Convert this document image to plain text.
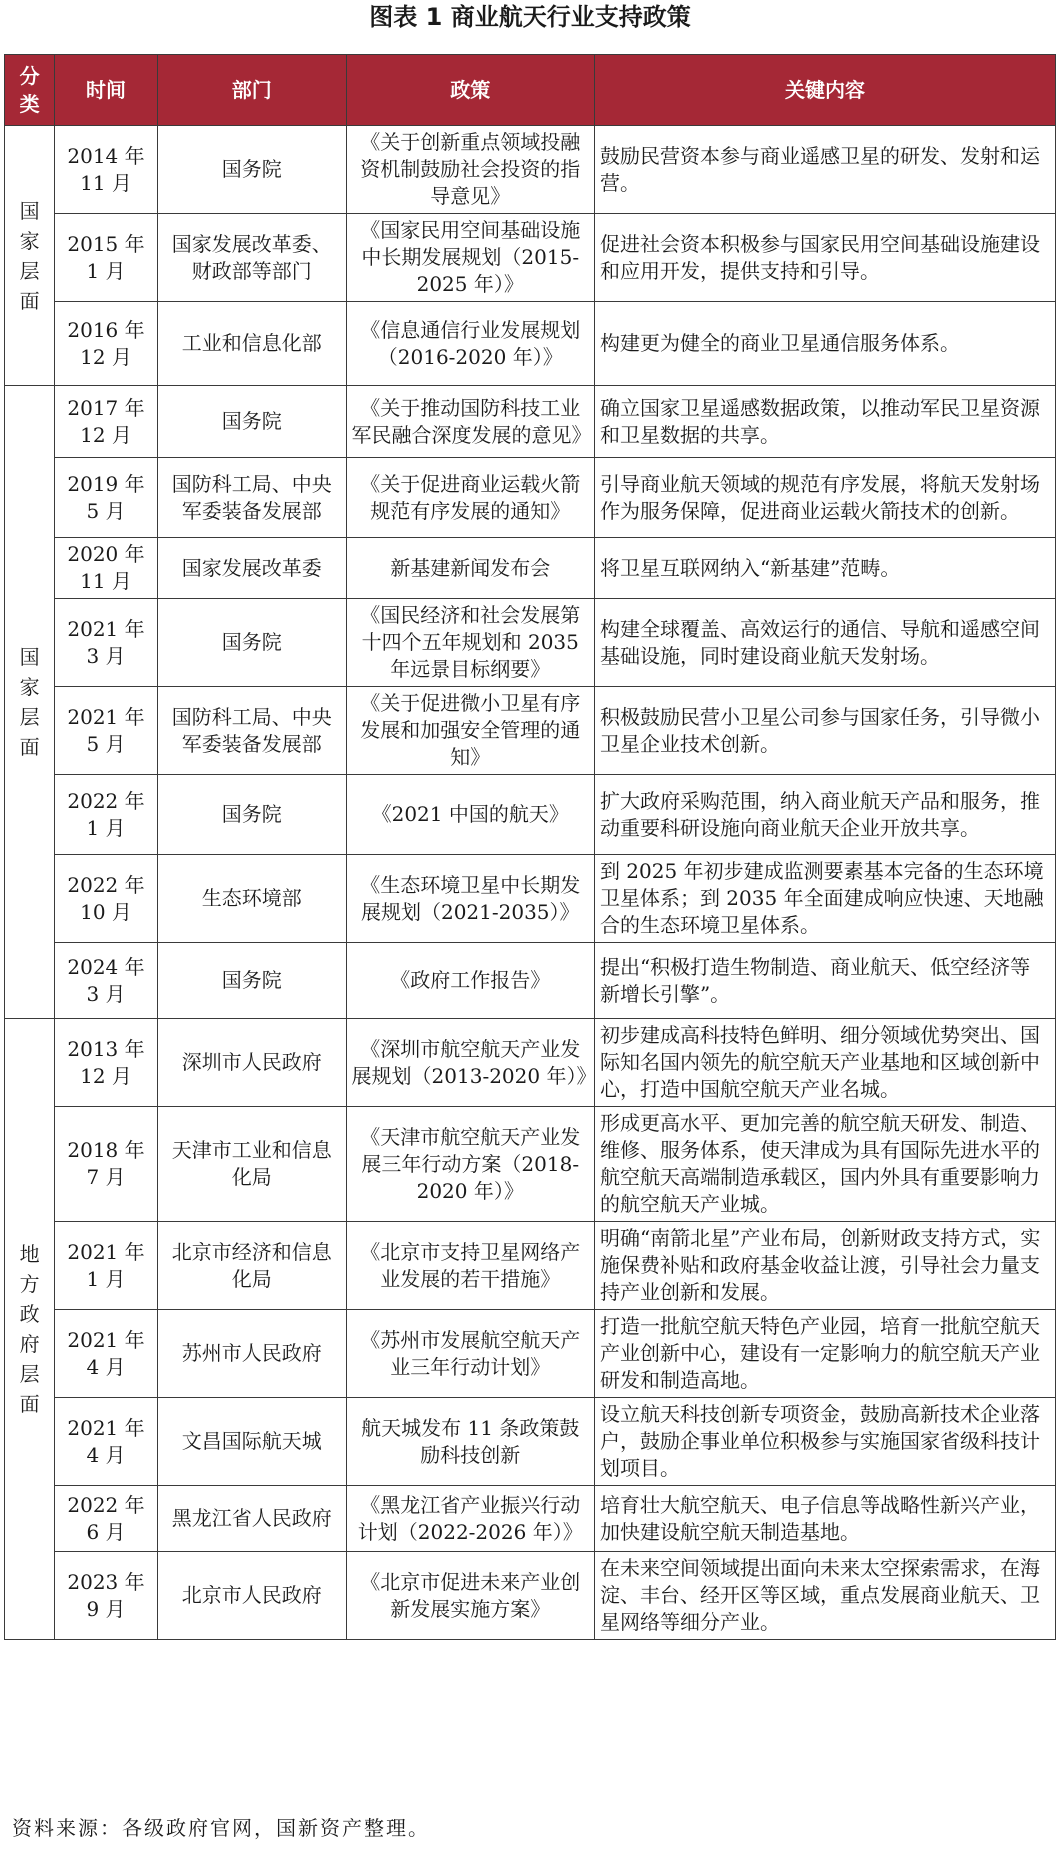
图表 1 商业航天行业支持政策
分类	时间	部门	政策	关键内容

国家层面	2014 年 11 月	国务院	《关于创新重点领域投融资机制鼓励社会投资的指导意见》	鼓励民营资本参与商业遥感卫星的研发、发射和运营。
	2015 年 1 月	国家发展改革委、财政部等部门	《国家民用空间基础设施中长期发展规划（2015-2025 年）》	促进社会资本积极参与国家民用空间基础设施建设和应用开发，提供支持和引导。
	2016 年 12 月	工业和信息化部	《信息通信行业发展规划（2016-2020 年）》	构建更为健全的商业卫星通信服务体系。

国家层面	2017 年 12 月	国务院	《关于推动国防科技工业军民融合深度发展的意见》	确立国家卫星遥感数据政策，以推动军民卫星资源和卫星数据的共享。
	2019 年 5 月	国防科工局、中央军委装备发展部	《关于促进商业运载火箭规范有序发展的通知》	引导商业航天领域的规范有序发展，将航天发射场作为服务保障，促进商业运载火箭技术的创新。
	2020 年 11 月	国家发展改革委	新基建新闻发布会	将卫星互联网纳入“新基建”范畴。
	2021 年 3 月	国务院	《国民经济和社会发展第十四个五年规划和 2035 年远景目标纲要》	构建全球覆盖、高效运行的通信、导航和遥感空间基础设施，同时建设商业航天发射场。
	2021 年 5 月	国防科工局、中央军委装备发展部	《关于促进微小卫星有序发展和加强安全管理的通知》	积极鼓励民营小卫星公司参与国家任务，引导微小卫星企业技术创新。
	2022 年 1 月	国务院	《2021 中国的航天》	扩大政府采购范围，纳入商业航天产品和服务，推动重要科研设施向商业航天企业开放共享。
	2022 年 10 月	生态环境部	《生态环境卫星中长期发展规划（2021-2035）》	到 2025 年初步建成监测要素基本完备的生态环境卫星体系；到 2035 年全面建成响应快速、天地融合的生态环境卫星体系。
	2024 年 3 月	国务院	《政府工作报告》	提出“积极打造生物制造、商业航天、低空经济等新增长引擎”。

地方政府层面	2013 年 12 月	深圳市人民政府	《深圳市航空航天产业发展规划（2013-2020 年）》	初步建成高科技特色鲜明、细分领域优势突出、国际知名国内领先的航空航天产业基地和区域创新中心，打造中国航空航天产业名城。
	2018 年 7 月	天津市工业和信息化局	《天津市航空航天产业发展三年行动方案（2018-2020 年）》	形成更高水平、更加完善的航空航天研发、制造、维修、服务体系，使天津成为具有国际先进水平的航空航天高端制造承载区，国内外具有重要影响力的航空航天产业城。
	2021 年 1 月	北京市经济和信息化局	《北京市支持卫星网络产业发展的若干措施》	明确“南箭北星”产业布局，创新财政支持方式，实施保费补贴和政府基金收益让渡，引导社会力量支持产业创新和发展。
	2021 年 4 月	苏州市人民政府	《苏州市发展航空航天产业三年行动计划》	打造一批航空航天特色产业园，培育一批航空航天产业创新中心，建设有一定影响力的航空航天产业研发和制造高地。
	2021 年 4 月	文昌国际航天城	航天城发布 11 条政策鼓励科技创新	设立航天科技创新专项资金，鼓励高新技术企业落户，鼓励企事业单位积极参与实施国家省级科技计划项目。
	2022 年 6 月	黑龙江省人民政府	《黑龙江省产业振兴行动计划（2022-2026 年）》	培育壮大航空航天、电子信息等战略性新兴产业，加快建设航空航天制造基地。
	2023 年 9 月	北京市人民政府	《北京市促进未来产业创新发展实施方案》	在未来空间领域提出面向未来太空探索需求，在海淀、丰台、经开区等区域，重点发展商业航天、卫星网络等细分产业。
资料来源：各级政府官网，国新资产整理。
